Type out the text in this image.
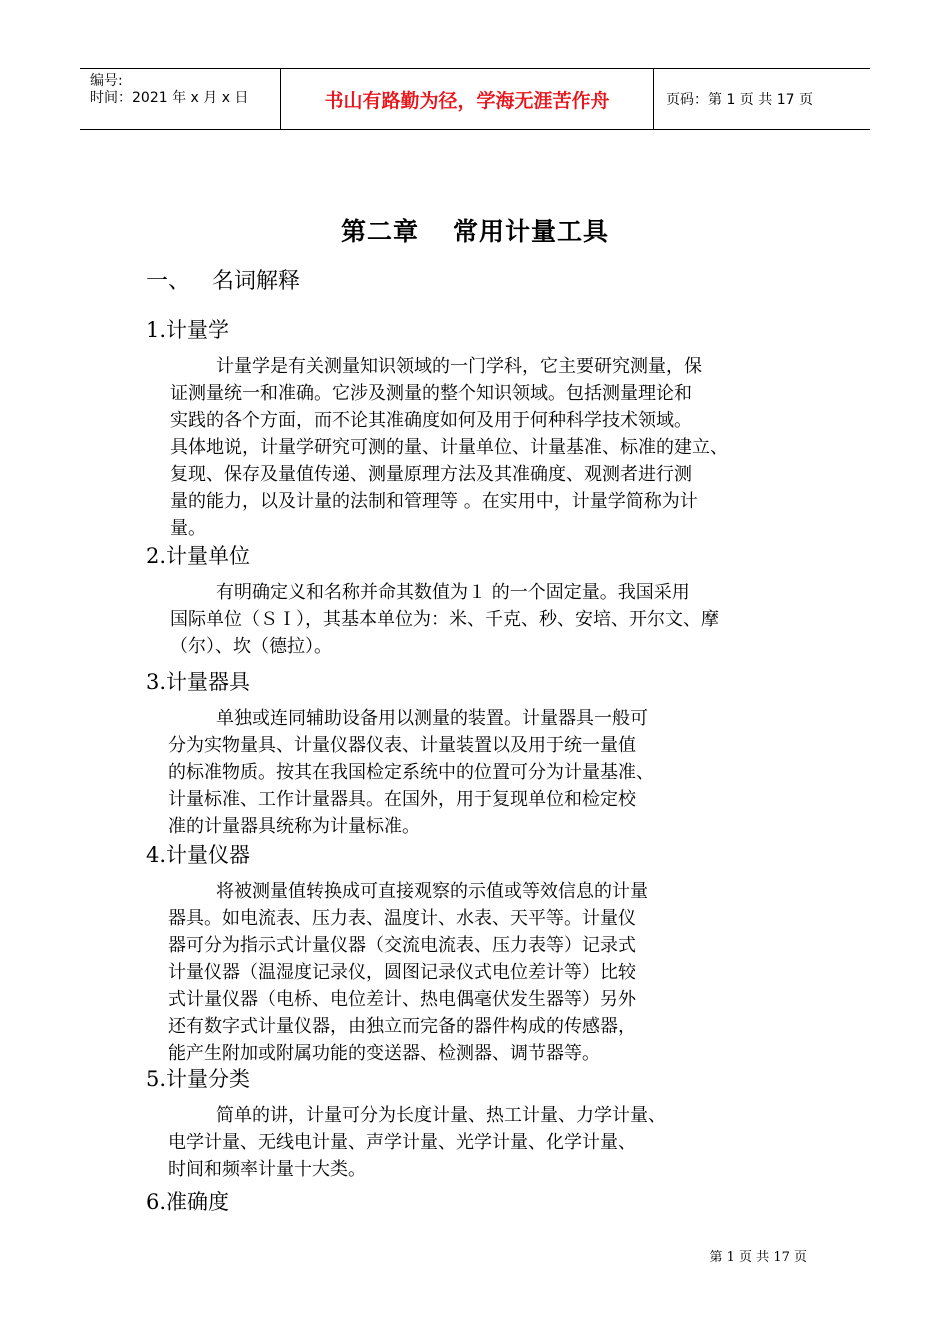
编号:
时间：2021 年 x 月 x 日	书山有路勤为径，学海无涯苦作舟	页码：第 1 页 共 17 页
第二章 常用计量工具
一、 名词解释
1.计量学
计量学是有关测量知识领域的一门学科，它主要研究测量，保
证测量统一和准确。它涉及测量的整个知识领域。包括测量理论和
实践的各个方面，而不论其准确度如何及用于何种科学技术领域。
具体地说，计量学研究可测的量、计量单位、计量基准、标准的建立、
复现、保存及量值传递、测量原理方法及其准确度、观测者进行测
量的能力，以及计量的法制和管理等 。在实用中，计量学简称为计
量。
2.计量单位
有明确定义和名称并命其数值为１ 的一个固定量。我国采用
国际单位（ＳＩ），其基本单位为：米、千克、秒、安培、开尔文、摩
（尔）、坎（德拉）。
3.计量器具
单独或连同辅助设备用以测量的装置。计量器具一般可
分为实物量具、计量仪器仪表、计量装置以及用于统一量值
的标准物质。按其在我国检定系统中的位置可分为计量基准、
计量标准、工作计量器具。在国外，用于复现单位和检定校
准的计量器具统称为计量标准。
4.计量仪器
将被测量值转换成可直接观察的示值或等效信息的计量
器具。如电流表、压力表、温度计、水表、天平等。计量仪
器可分为指示式计量仪器（交流电流表、压力表等）记录式
计量仪器（温湿度记录仪，圆图记录仪式电位差计等）比较
式计量仪器（电桥、电位差计、热电偶毫伏发生器等）另外
还有数字式计量仪器，由独立而完备的器件构成的传感器，
能产生附加或附属功能的变送器、检测器、调节器等。
5.计量分类
简单的讲，计量可分为长度计量、热工计量、力学计量、
电学计量、无线电计量、声学计量、光学计量、化学计量、
时间和频率计量十大类。
6.准确度
第 1 页 共 17 页
